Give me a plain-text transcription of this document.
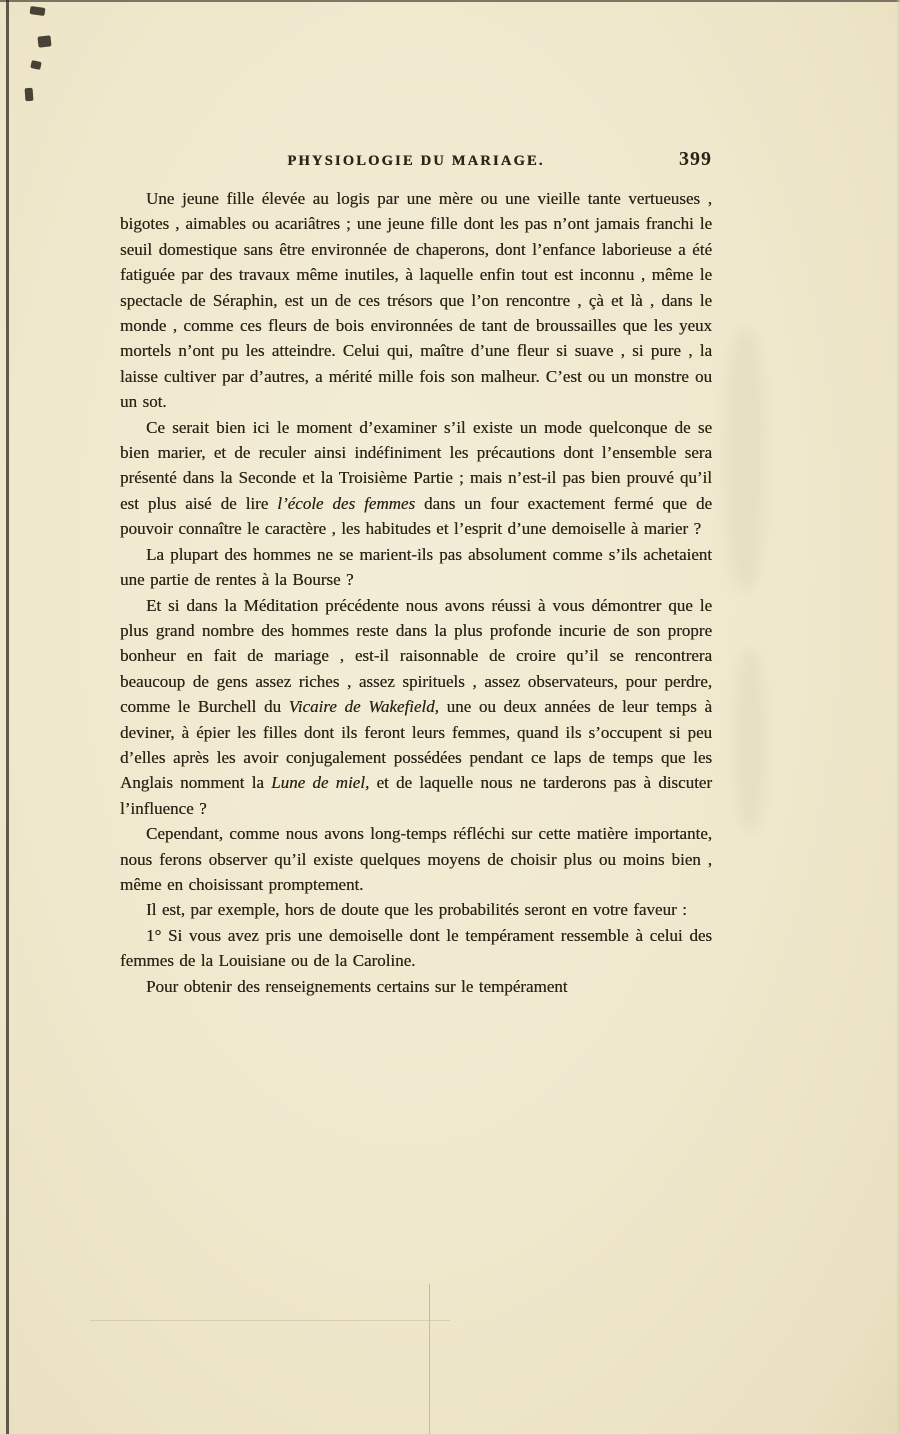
PHYSIOLOGIE DU MARIAGE.	399

Une jeune fille élevée au logis par une mère ou une vieille tante vertueuses , bigotes , aimables ou acariâtres ; une jeune fille dont les pas n’ont jamais franchi le seuil domestique sans être environnée de chaperons, dont l’enfance laborieuse a été fatiguée par des travaux même inutiles, à laquelle enfin tout est inconnu , même le spectacle de Séraphin, est un de ces trésors que l’on rencontre , çà et là , dans le monde , comme ces fleurs de bois environnées de tant de broussailles que les yeux mortels n’ont pu les atteindre. Celui qui, maître d’une fleur si suave , si pure , la laisse cultiver par d’autres, a mérité mille fois son malheur. C’est ou un monstre ou un sot.

Ce serait bien ici le moment d’examiner s’il existe un mode quelconque de se bien marier, et de reculer ainsi indéfiniment les précautions dont l’ensemble sera présenté dans la Seconde et la Troisième Partie ; mais n’est-il pas bien prouvé qu’il est plus aisé de lire l’école des femmes dans un four exactement fermé que de pouvoir connaître le caractère , les habitudes et l’esprit d’une demoiselle à marier ?

La plupart des hommes ne se marient-ils pas absolument comme s’ils achetaient une partie de rentes à la Bourse ?

Et si dans la Méditation précédente nous avons réussi à vous démontrer que le plus grand nombre des hommes reste dans la plus profonde incurie de son propre bonheur en fait de mariage , est-il raisonnable de croire qu’il se rencontrera beaucoup de gens assez riches , assez spirituels , assez observateurs, pour perdre, comme le Burchell du Vicaire de Wakefield, une ou deux années de leur temps à deviner, à épier les filles dont ils feront leurs femmes, quand ils s’occupent si peu d’elles après les avoir conjugalement possédées pendant ce laps de temps que les Anglais nomment la Lune de miel, et de laquelle nous ne tarderons pas à discuter l’influence ?

Cependant, comme nous avons long-temps réfléchi sur cette matière importante, nous ferons observer qu’il existe quelques moyens de choisir plus ou moins bien , même en choisissant promptement.

Il est, par exemple, hors de doute que les probabilités seront en votre faveur :

1° Si vous avez pris une demoiselle dont le tempérament ressemble à celui des femmes de la Louisiane ou de la Caroline.

Pour obtenir des renseignements certains sur le tempérament
